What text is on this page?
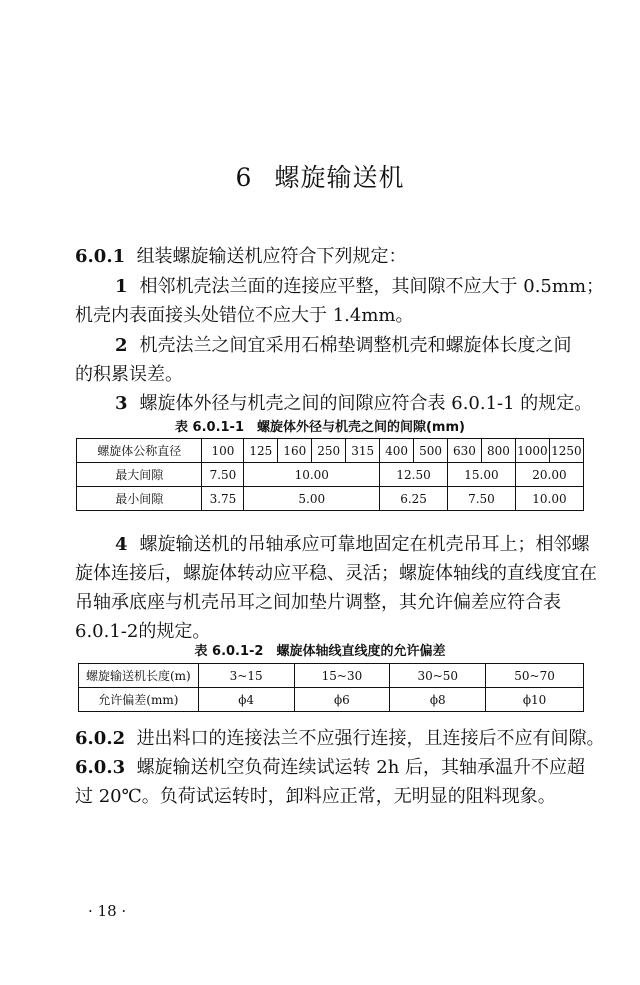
6 螺旋输送机
6.0.1 组装螺旋输送机应符合下列规定：
1 相邻机壳法兰面的连接应平整，其间隙不应大于 0.5mm；
机壳内表面接头处错位不应大于 1.4mm。
2 机壳法兰之间宜采用石棉垫调整机壳和螺旋体长度之间
的积累误差。
3 螺旋体外径与机壳之间的间隙应符合表 6.0.1-1 的规定。
表 6.0.1-1　螺旋体外径与机壳之间的间隙(mm)
螺旋体公称直径	100	125	160	250	315	400	500	630	800	1000	1250
最大间隙	7.50	10.00				12.50		15.00		20.00	
最小间隙	3.75	5.00				6.25		7.50		10.00	
4 螺旋输送机的吊轴承应可靠地固定在机壳吊耳上；相邻螺
旋体连接后，螺旋体转动应平稳、灵活；螺旋体轴线的直线度宜在
吊轴承底座与机壳吊耳之间加垫片调整，其允许偏差应符合表
6.0.1-2的规定。
表 6.0.1-2　螺旋体轴线直线度的允许偏差
螺旋输送机长度(m)	3~15	15~30	30~50	50~70
允许偏差(mm)	ϕ4	ϕ6	ϕ8	ϕ10
6.0.2 进出料口的连接法兰不应强行连接，且连接后不应有间隙。
6.0.3 螺旋输送机空负荷连续试运转 2h 后，其轴承温升不应超
过 20℃。负荷试运转时，卸料应正常，无明显的阻料现象。
· 18 ·
